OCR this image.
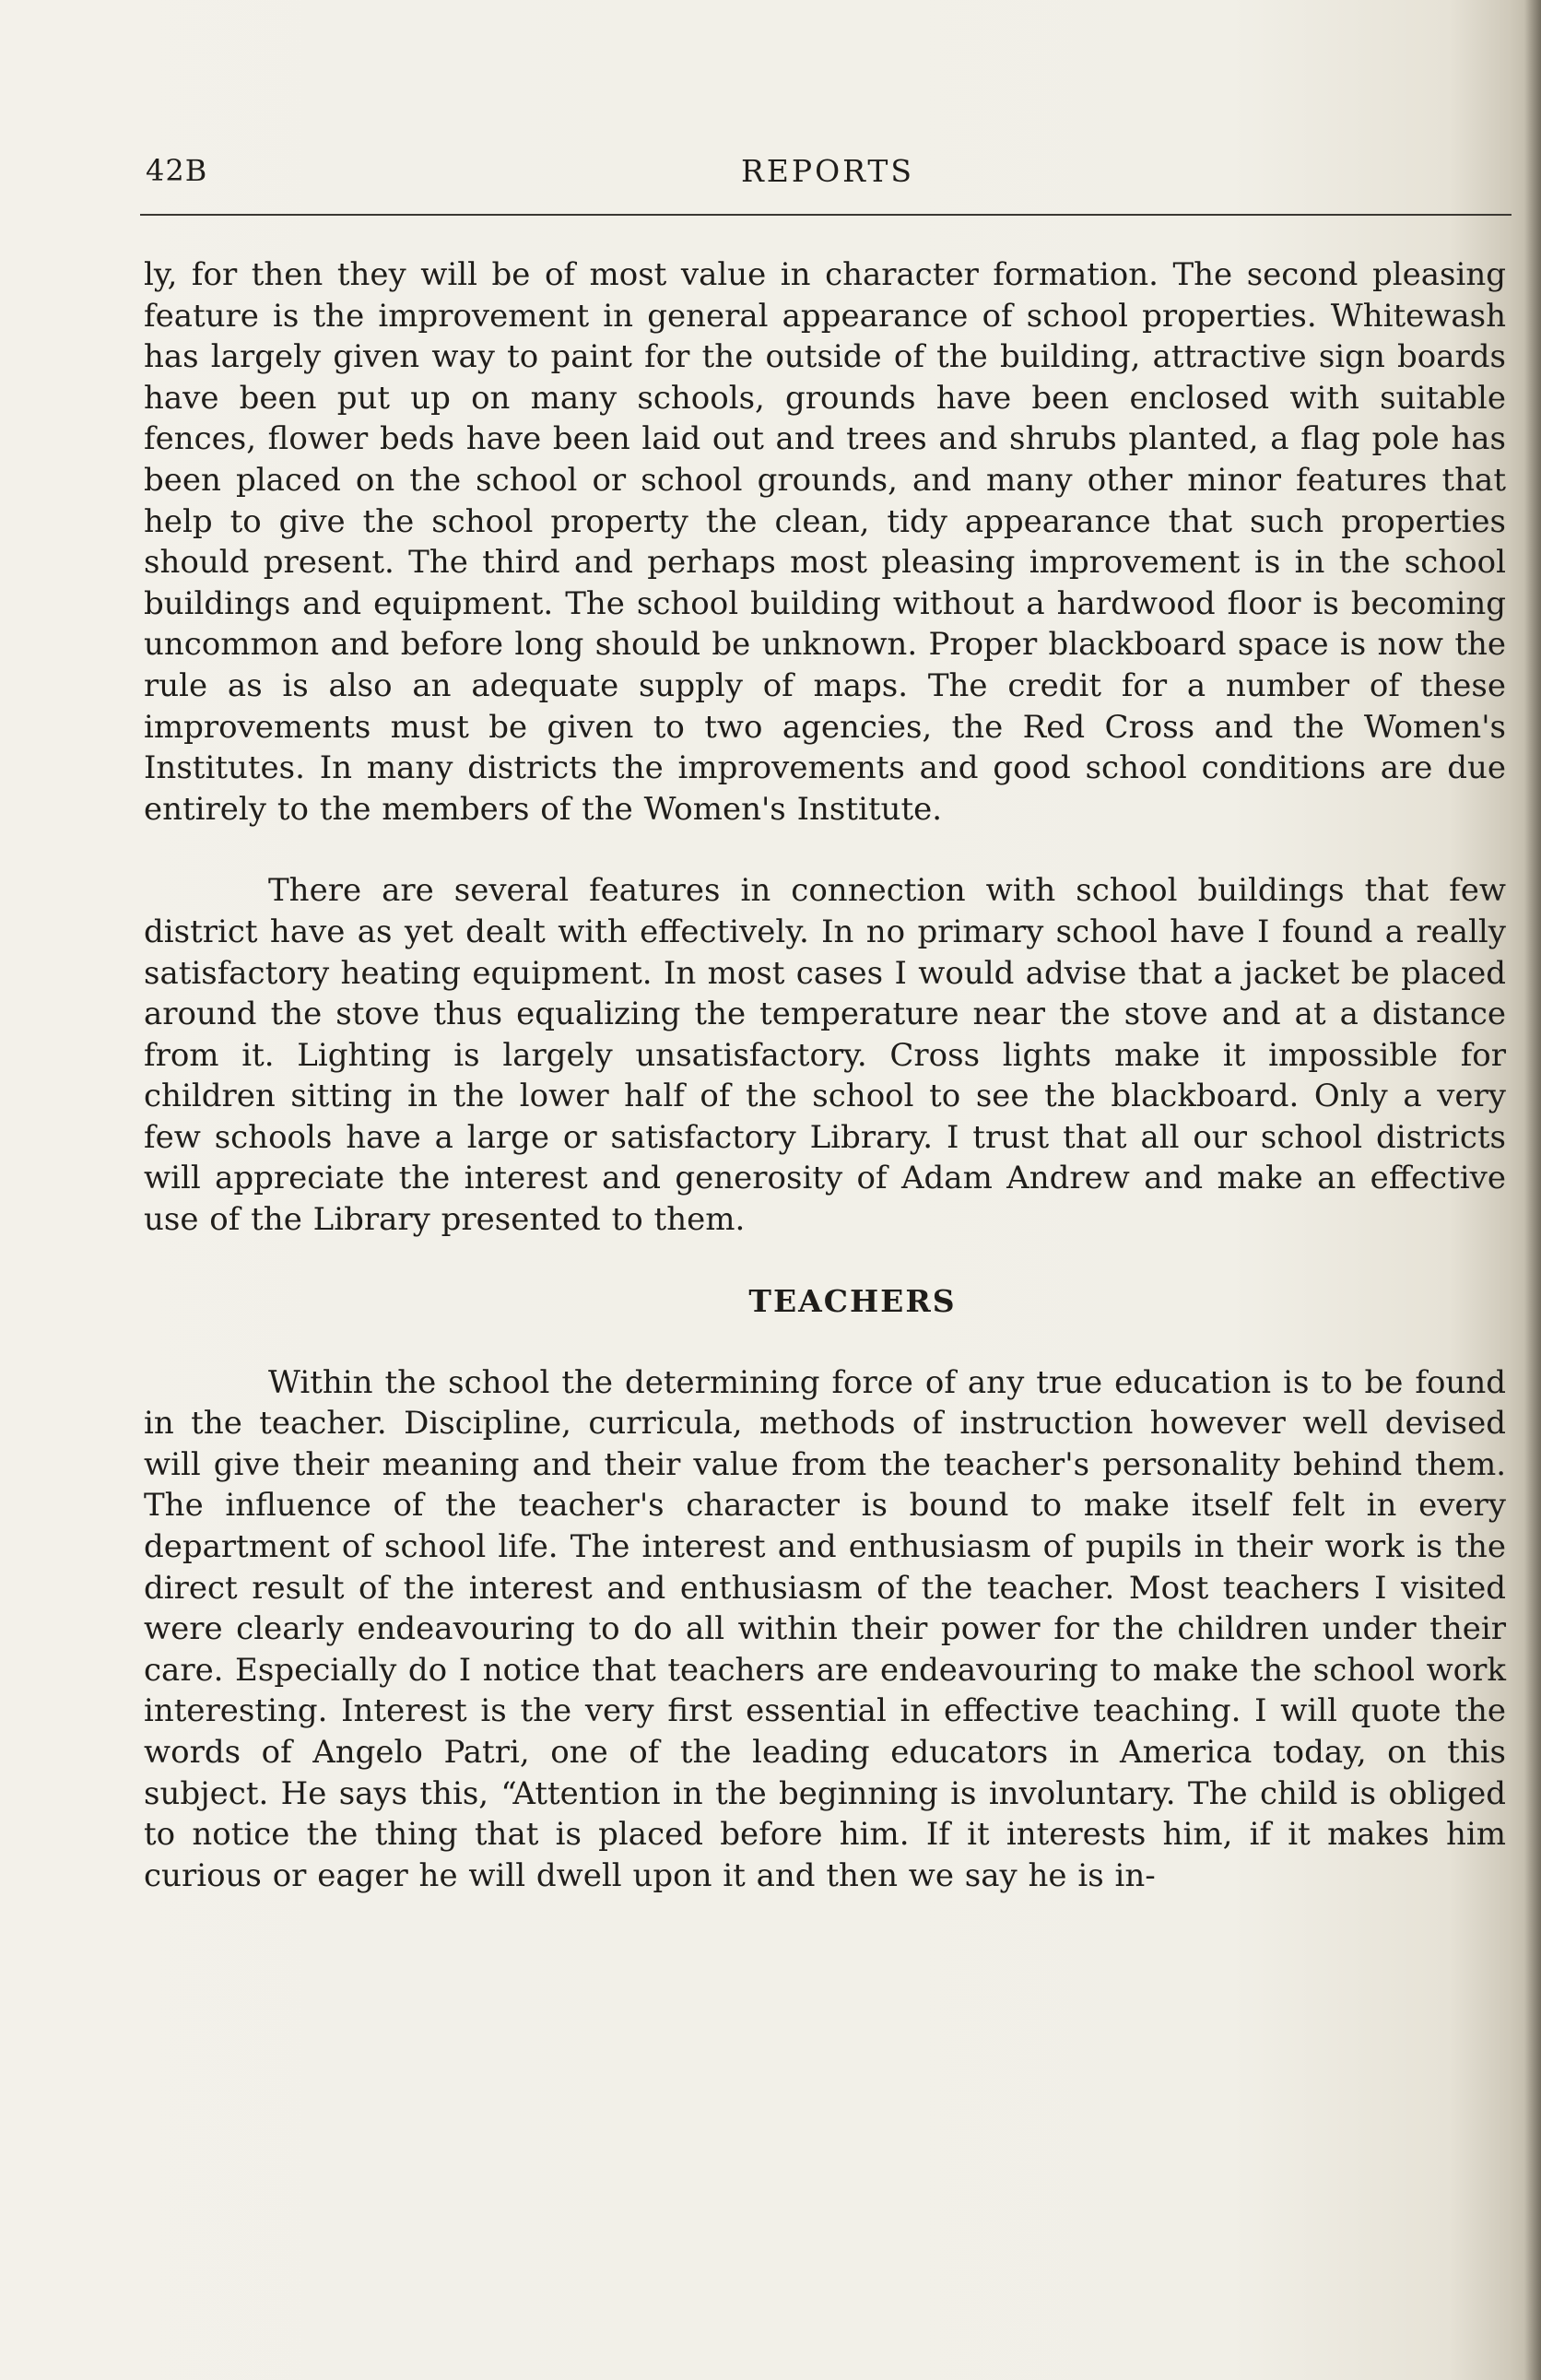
42B	REPORTS

ly, for then they will be of most value in character formation. The second pleasing feature is the improvement in general appearance of school properties. Whitewash has largely given way to paint for the outside of the building, attractive sign boards have been put up on many schools, grounds have been enclosed with suitable fences, flower beds have been laid out and trees and shrubs planted, a flag pole has been placed on the school or school grounds, and many other minor features that help to give the school property the clean, tidy appearance that such properties should present. The third and perhaps most pleasing improvement is in the school buildings and equipment. The school building without a hardwood floor is becoming uncommon and before long should be unknown. Proper blackboard space is now the rule as is also an adequate supply of maps. The credit for a number of these improvements must be given to two agencies, the Red Cross and the Women's Institutes. In many districts the improvements and good school conditions are due entirely to the members of the Women's Institute.

There are several features in connection with school buildings that few district have as yet dealt with effectively. In no primary school have I found a really satisfactory heating equipment. In most cases I would advise that a jacket be placed around the stove thus equalizing the temperature near the stove and at a distance from it. Lighting is largely unsatisfactory. Cross lights make it impossible for children sitting in the lower half of the school to see the blackboard. Only a very few schools have a large or satisfactory Library. I trust that all our school districts will appreciate the interest and generosity of Adam Andrew and make an effective use of the Library presented to them.

TEACHERS

Within the school the determining force of any true education is to be found in the teacher. Discipline, curricula, methods of instruction however well devised will give their meaning and their value from the teacher's personality behind them. The influence of the teacher's character is bound to make itself felt in every department of school life. The interest and enthusiasm of pupils in their work is the direct result of the interest and enthusiasm of the teacher. Most teachers I visited were clearly endeavouring to do all within their power for the children under their care. Especially do I notice that teachers are endeavouring to make the school work interesting. Interest is the very first essential in effective teaching. I will quote the words of Angelo Patri, one of the leading educators in America today, on this subject. He says this, “Attention in the beginning is involuntary. The child is obliged to notice the thing that is placed before him. If it interests him, if it makes him curious or eager he will dwell upon it and then we say he is in-
